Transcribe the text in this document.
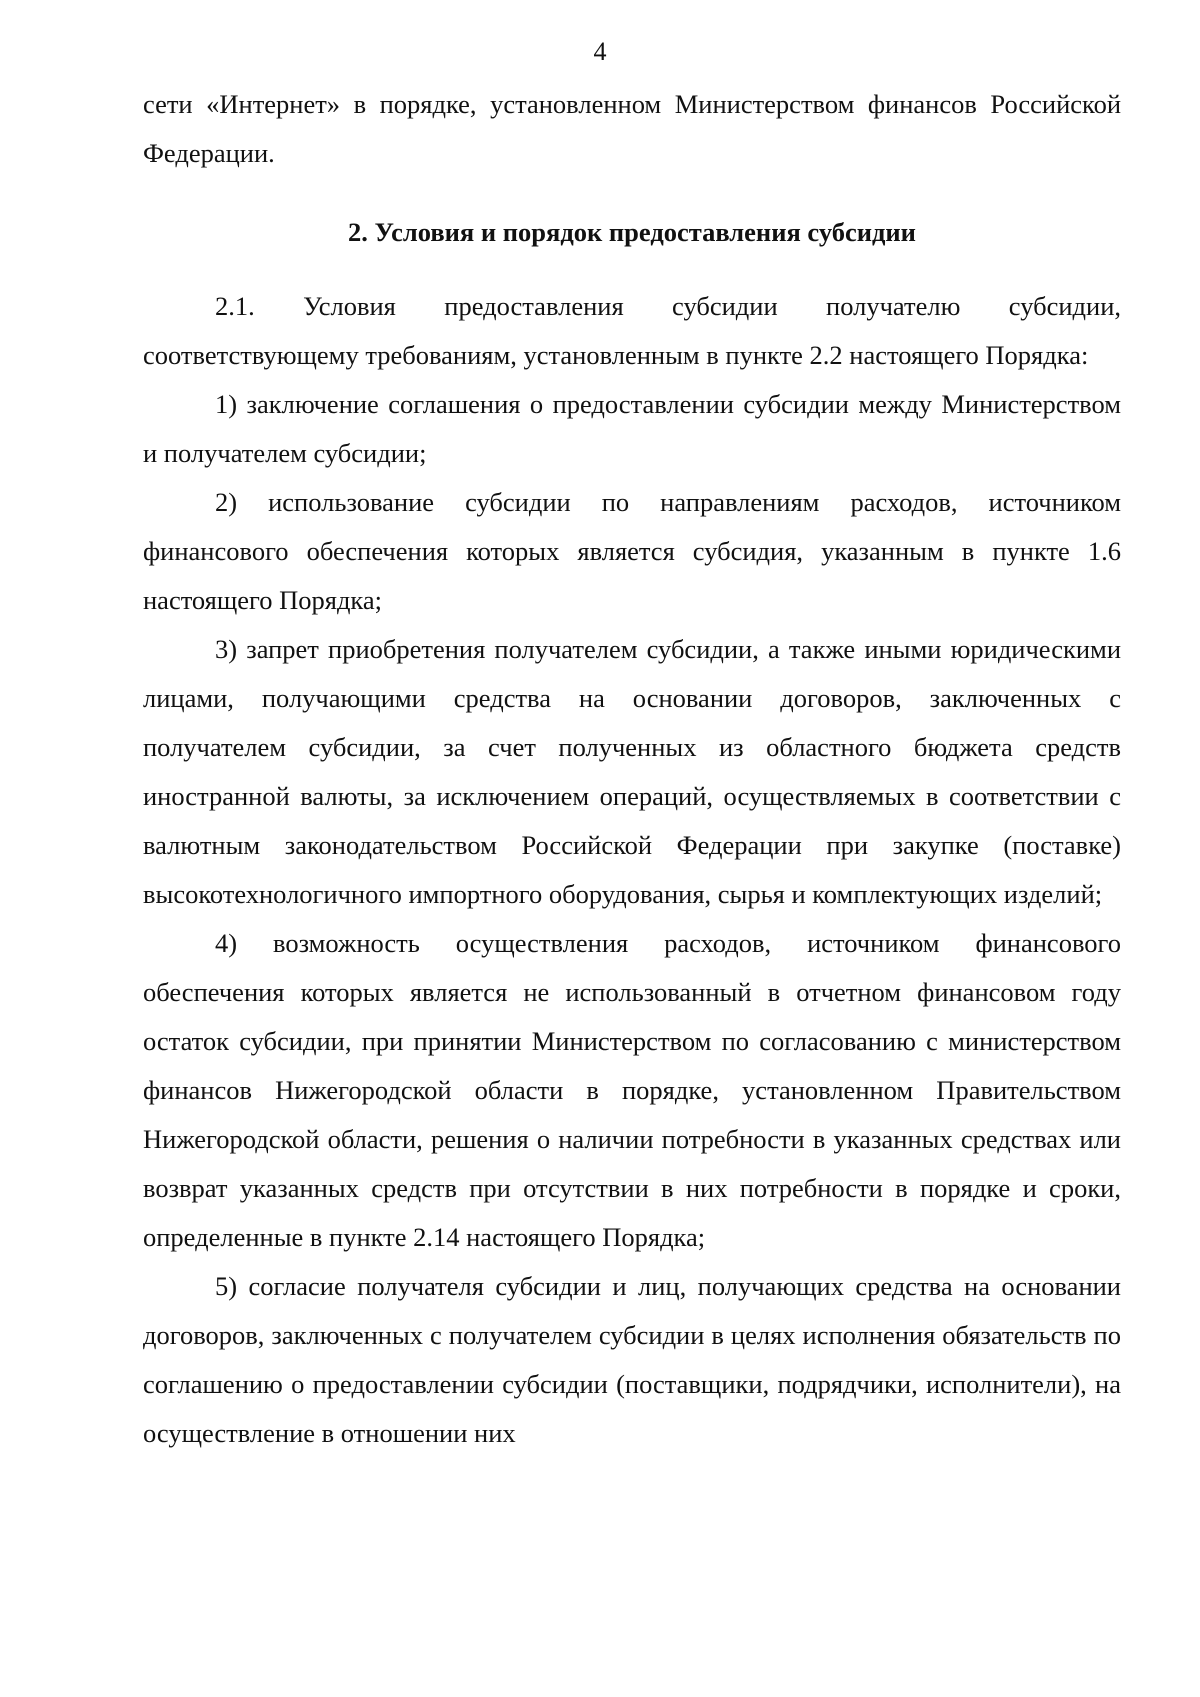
4

сети «Интернет» в порядке, установленном Министерством финансов Российской Федерации.

2. Условия и порядок предоставления субсидии

2.1. Условия предоставления субсидии получателю субсидии, соответствующему требованиям, установленным в пункте 2.2 настоящего Порядка:

1) заключение соглашения о предоставлении субсидии между Министерством и получателем субсидии;

2) использование субсидии по направлениям расходов, источником финансового обеспечения которых является субсидия, указанным в пункте 1.6 настоящего Порядка;

3) запрет приобретения получателем субсидии, а также иными юридическими лицами, получающими средства на основании договоров, заключенных с получателем субсидии, за счет полученных из областного бюджета средств иностранной валюты, за исключением операций, осуществляемых в соответствии с валютным законодательством Российской Федерации при закупке (поставке) высокотехнологичного импортного оборудования, сырья и комплектующих изделий;

4) возможность осуществления расходов, источником финансового обеспечения которых является не использованный в отчетном финансовом году остаток субсидии, при принятии Министерством по согласованию с министерством финансов Нижегородской области в порядке, установленном Правительством Нижегородской области, решения о наличии потребности в указанных средствах или возврат указанных средств при отсутствии в них потребности в порядке и сроки, определенные в пункте 2.14 настоящего Порядка;

5) согласие получателя субсидии и лиц, получающих средства на основании договоров, заключенных с получателем субсидии в целях исполнения обязательств по соглашению о предоставлении субсидии (поставщики, подрядчики, исполнители), на осуществление в отношении них
